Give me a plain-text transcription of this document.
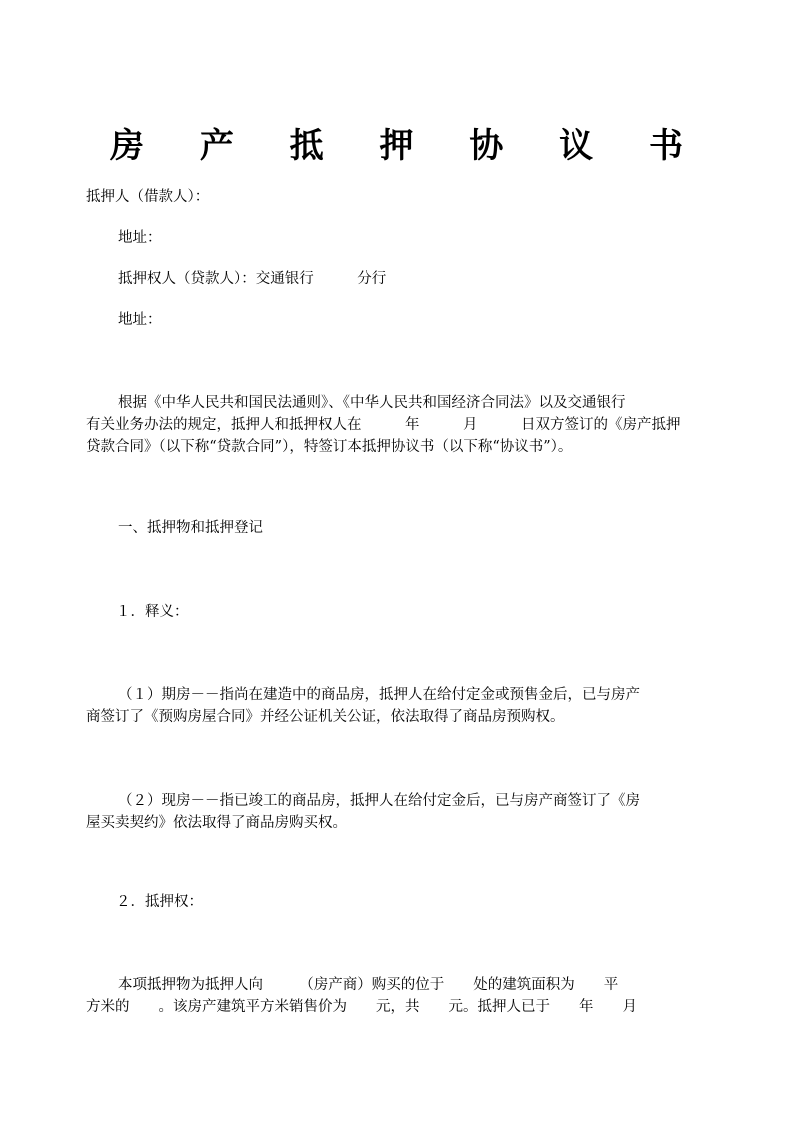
房 产 抵 押 协 议 书
抵押人（借款人）：
地址：
抵押权人（贷款人）：交通银行　　　分行
地址：
根据《中华人民共和国民法通则》、《中华人民共和国经济合同法》以及交通银行
有关业务办法的规定，抵押人和抵押权人在　　　年　　　月　　　日双方签订的《房产抵押
贷款合同》（以下称“贷款合同”），特签订本抵押协议书（以下称“协议书”）。
一、抵押物和抵押登记
１．释义：
（１）期房－－指尚在建造中的商品房，抵押人在给付定金或预售金后，已与房产
商签订了《预购房屋合同》并经公证机关公证，依法取得了商品房预购权。
（２）现房－－指已竣工的商品房，抵押人在给付定金后，已与房产商签订了《房
屋买卖契约》依法取得了商品房购买权。
２．抵押权：
本项抵押物为抵押人向　　　（房产商）购买的位于　　处的建筑面积为　　平
方米的　　。该房产建筑平方米销售价为　　元，共　　元。抵押人已于　　年　　月
